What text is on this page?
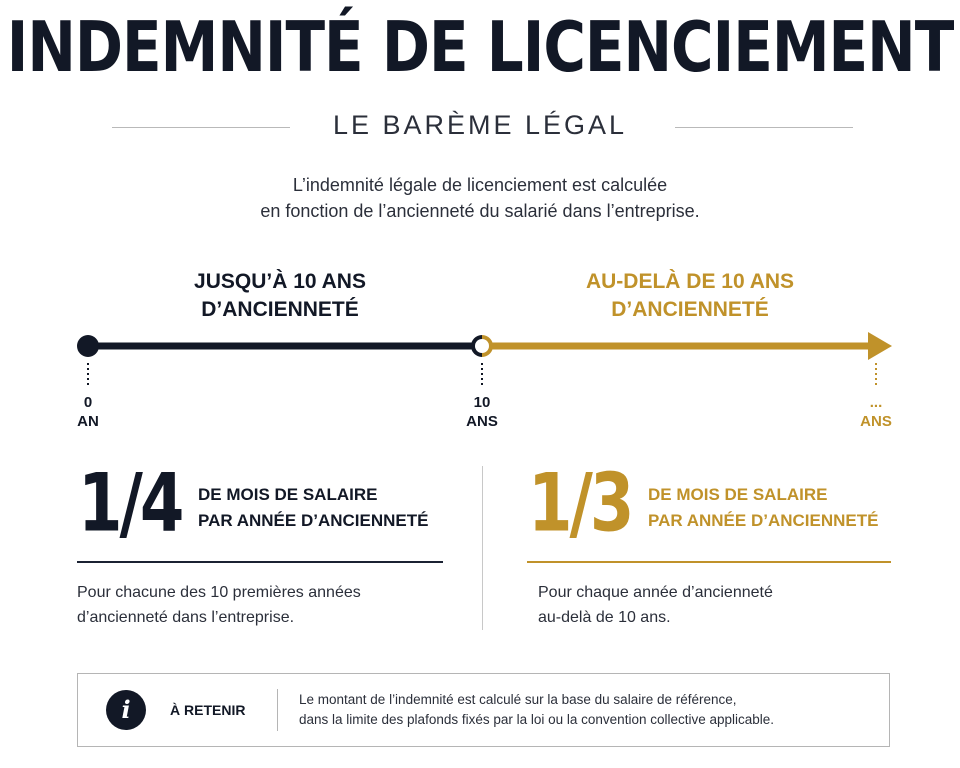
INDEMNITÉ DE LICENCIEMENT
LE BARÈME LÉGAL
L’indemnité légale de licenciement est calculée
en fonction de l’ancienneté du salarié dans l’entreprise.
JUSQU’À 10 ANS
D’ANCIENNETÉ
AU-DELÀ DE 10 ANS
D’ANCIENNETÉ
0
AN
10
ANS
...
ANS
1/4 DE MOIS DE SALAIRE
PAR ANNÉE D’ANCIENNETÉ
Pour chacune des 10 premières années
d’ancienneté dans l’entreprise.
1/3 DE MOIS DE SALAIRE
PAR ANNÉE D’ANCIENNETÉ
Pour chaque année d’ancienneté
au-delà de 10 ans.
i	À RETENIR
Le montant de l’indemnité est calculé sur la base du salaire de référence,
dans la limite des plafonds fixés par la loi ou la convention collective applicable.
